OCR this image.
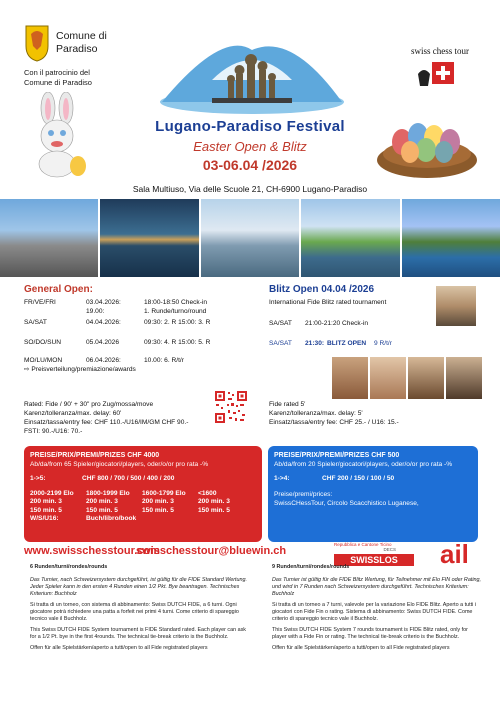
Comune di
Paradiso
Con il patrocinio del
Comune di Paradiso
swiss chess tour
Lugano-Paradiso Festival
Easter Open & Blitz
03-06.04 /2026
Sala Multiuso, Via delle Scuole 21, CH-6900 Lugano-Paradiso
General Open:
FR/VE/FRI	03.04.2026:	18:00-18:50 Check-in
19.00:	1. Runde/turno/round
SA/SAT	04.04.2026:	09:30: 2. R 15:00: 3. R
SO/DO/SUN	05.04.2026	09:30: 4. R 15:00: 5. R
MO/LU/MON	06.04.2026:	10.00: 6. R/t/r
⇨ Preisverteilung/premiazione/awards
Rated: Fide / 90' + 30" pro Zug/mossa/move
Karenz/tolleranza/max. delay: 60'
Einsatz/tassa/entry fee: CHF 110.-/U16/IM/GM CHF 90.-
FSTI: 90.-/U16: 70.-
Blitz Open 04.04 /2026
International Fide Blitz rated tournament
SA/SAT 21:00-21:20 Check-in
SA/SAT 21:30: BLITZ OPEN 9 R/t/r
Fide rated 5'
Karenz/tolleranza/max. delay: 5'
Einsatz/tassa/entry fee: CHF 25.- / U16: 15.-
PREISE/PRIX/PREMI/PRIZES CHF 4000
Ab/da/from 65 Spieler/giocatori/players, oder/o/or pro rata -%
1->5:	CHF 800 / 700 / 500 / 400 / 200
2000-2199 Elo	1800-1999 Elo	1600-1799 Elo	<1600
200 min. 3	200 min. 3	200 min. 3	200 min. 3
150 min. 5	150 min. 5	150 min. 5	150 min. 5
W/S/U16:	Buch/libro/book
PREISE/PRIX/PREMI/PRIZES CHF 500
Ab/da/from 20 Spieler/giocatori/players, oder/o/or pro rata -%
1->4:	CHF 200 / 150 / 100 / 50
Preise/premi/prices:
SwissCHessTour, Circolo Scacchistico Luganese,
www.swisschesstour.com
swisschesstour@bluewin.ch
Repubblica e Cantone Ticino
DECS
SWISSLOS	ail
6 Runden/turni/rondes/rounds

Das Turnier, nach Schweizersystem durchgeführt, ist gültig für die FIDE Standard Wertung. Jeder Spieler kann in den ersten 4 Runden einen 1/2 Pkt. Bye beantragen. Technisches Kriterium: Buchholz

Si tratta di un torneo, con sistema di abbinamento: Swiss DUTCH FIDE, a 6 turni. Ogni giocatore potrà richiedere una patta a forfeit nei primi 4 turni. Come criterio di spareggio tecnico vale il Buchholz.

This Swiss DUTCH FIDE System tournament is FIDE Standard rated. Each player can ask for a 1/2 Pt. bye in the first 4rounds. The technical tie-break criterio is the Buchholz.

Offen für alle Spielstärken/aperto a tutti/open to all Fide registrated players

9 Runden/turni/rondes/rounds

Das Turnier ist gültig für die FIDE Blitz Wertung, für Teilnehmer mit Elo FIN oder Rating, und wird in 7 Runden nach Schweizersystem durchgeführt. Technisches Kriterium: Buchholz

Si tratta di un torneo a 7 turni, valevole per la variazione Elo FIDE Blitz. Aperto a tutti i giocatori con Fide Fin o rating. Sistema di abbinamento: Swiss DUTCH FIDE. Come criterio di spareggio tecnico vale il Buchholz.

This Swiss DUTCH FIDE System 7 rounds tournament is FIDE Blitz rated, only for player with a Fide Fin or rating. The technical tie-break criterio is the Buchholz.

Offen für alle Spielstärken/aperto a tutti/open to all Fide registrated players
